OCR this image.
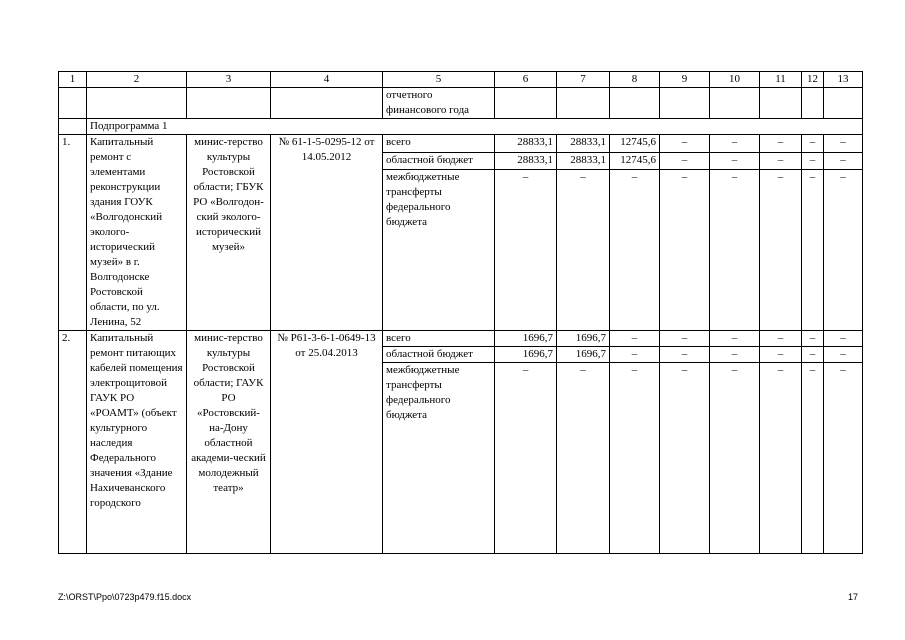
1	2	3	4	5	6	7	8	9	10	11	12	13
				отчетного финансового года								
	Подпрограмма 1											
1.	Капитальный ремонт с элементами реконструкции здания ГОУК «Волгодонский эколого-исторический музей» в г. Волгодонске Ростовской области, по ул. Ленина, 52	минис-терство культуры Ростовской области; ГБУК РО «Волгодон-ский эколого-исторический музей»	№ 61-1-5-0295-12 от 14.05.2012	всего	28833,1	28833,1	12745,6	–	–	–	–	–
				областной бюджет	28833,1	28833,1	12745,6	–	–	–	–	–
				межбюджетные трансферты федерального бюджета	–	–	–	–	–	–	–	–
2.	Капитальный ремонт питающих кабелей помещения электрощитовой ГАУК РО «РОАМТ» (объект культурного наследия Федерального значения «Здание Нахичеванского городского	минис-терство культуры Ростовской области; ГАУК РО «Ростовский-на-Дону областной академи-ческий молодежный театр»	№ Р61-3-6-1-0649-13 от 25.04.2013	всего	1696,7	1696,7	–	–	–	–	–	–
				областной бюджет	1696,7	1696,7	–	–	–	–	–	–
				межбюджетные трансферты федерального бюджета	–	–	–	–	–	–	–	–
Z:\ORST\Ppo\0723p479.f15.docx	17
